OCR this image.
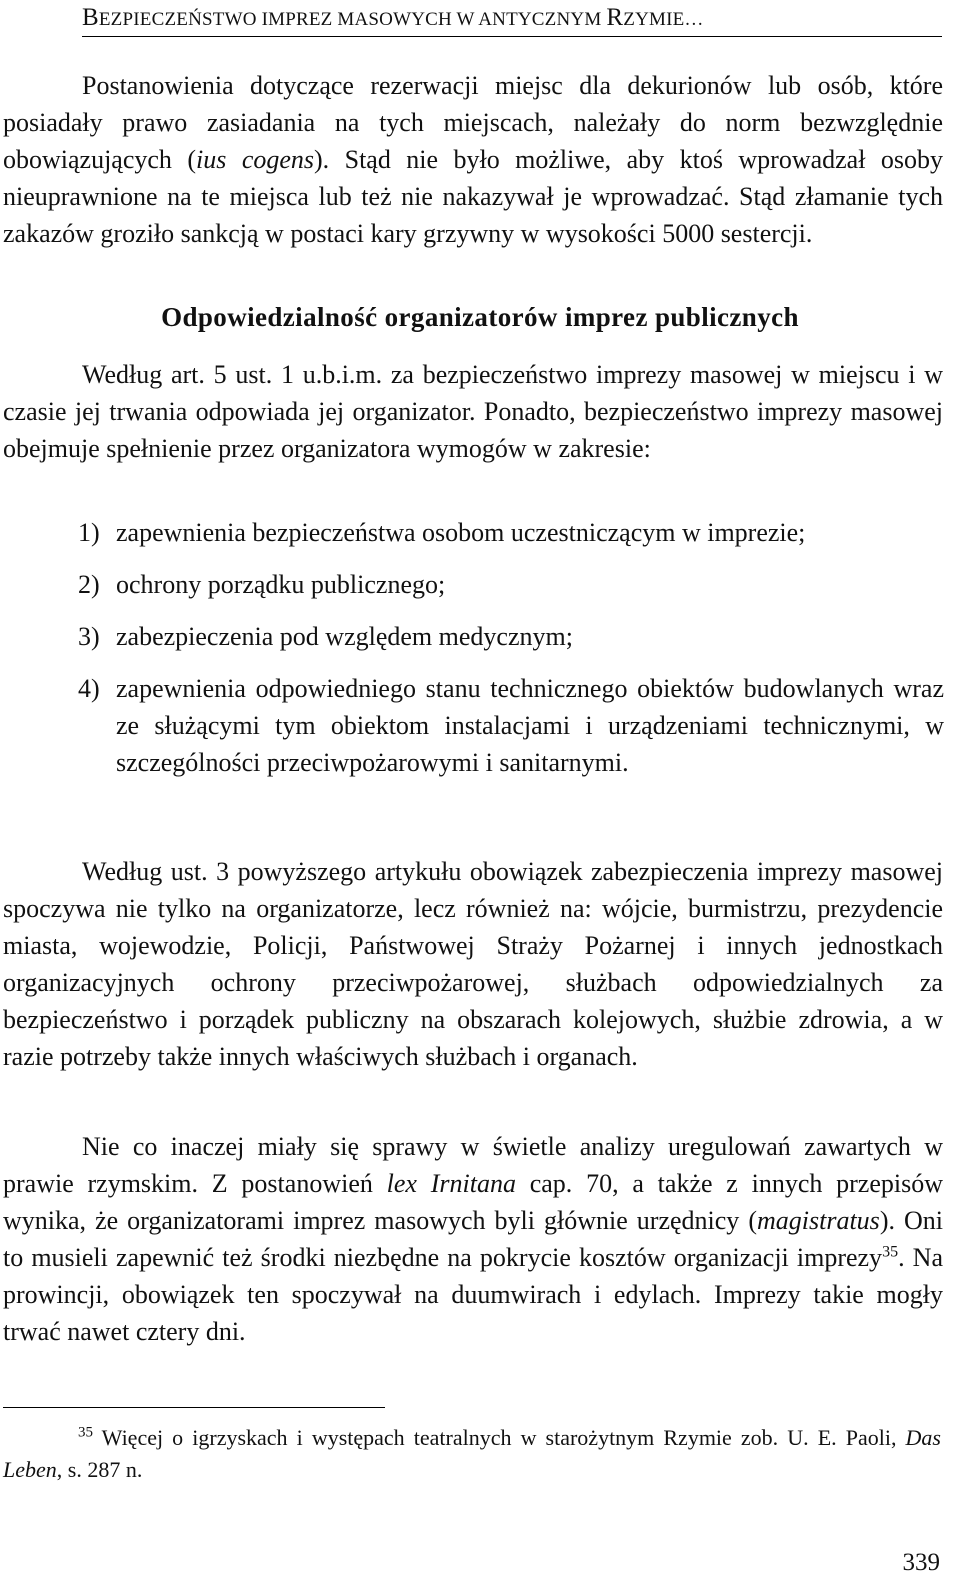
BEZPIECZEŃSTWO IMPREZ MASOWYCH W ANTYCZNYM RZYMIE…

Postanowienia dotyczące rezerwacji miejsc dla dekurionów lub osób, które posiadały prawo zasiadania na tych miejscach, należały do norm bezwzględnie obowiązujących (ius cogens). Stąd nie było możliwe, aby ktoś wprowadzał osoby nieuprawnione na te miejsca lub też nie nakazywał je wprowadzać. Stąd złamanie tych zakazów groziło sankcją w postaci kary grzywny w wysokości 5000 sestercji.

Odpowiedzialność organizatorów imprez publicznych

Według art. 5 ust. 1 u.b.i.m. za bezpieczeństwo imprezy masowej w miejscu i w czasie jej trwania odpowiada jej organizator. Ponadto, bezpieczeństwo imprezy masowej obejmuje spełnienie przez organizatora wymogów w zakresie:

1) zapewnienia bezpieczeństwa osobom uczestniczącym w imprezie;
2) ochrony porządku publicznego;
3) zabezpieczenia pod względem medycznym;
4) zapewnienia odpowiedniego stanu technicznego obiektów budowlanych wraz ze służącymi tym obiektom instalacjami i urządzeniami technicznymi, w szczególności przeciwpożarowymi i sanitarnymi.

Według ust. 3 powyższego artykułu obowiązek zabezpieczenia imprezy masowej spoczywa nie tylko na organizatorze, lecz również na: wójcie, burmistrzu, prezydencie miasta, wojewodzie, Policji, Państwowej Straży Pożarnej i innych jednostkach organizacyjnych ochrony przeciwpożarowej, służbach odpowiedzialnych za bezpieczeństwo i porządek publiczny na obszarach kolejowych, służbie zdrowia, a w razie potrzeby także innych właściwych służbach i organach.

Nie co inaczej miały się sprawy w świetle analizy uregulowań zawartych w prawie rzymskim. Z postanowień lex Irnitana cap. 70, a także z innych przepisów wynika, że organizatorami imprez masowych byli głównie urzędnicy (magistratus). Oni to musieli zapewnić też środki niezbędne na pokrycie kosztów organizacji imprezy$^{35}$. Na prowincji, obowiązek ten spoczywał na duumwirach i edylach. Imprezy takie mogły trwać nawet cztery dni.

$^{35}$ Więcej o igrzyskach i występach teatralnych w starożytnym Rzymie zob. U. E. Paoli, Das Leben, s. 287 n.

339
